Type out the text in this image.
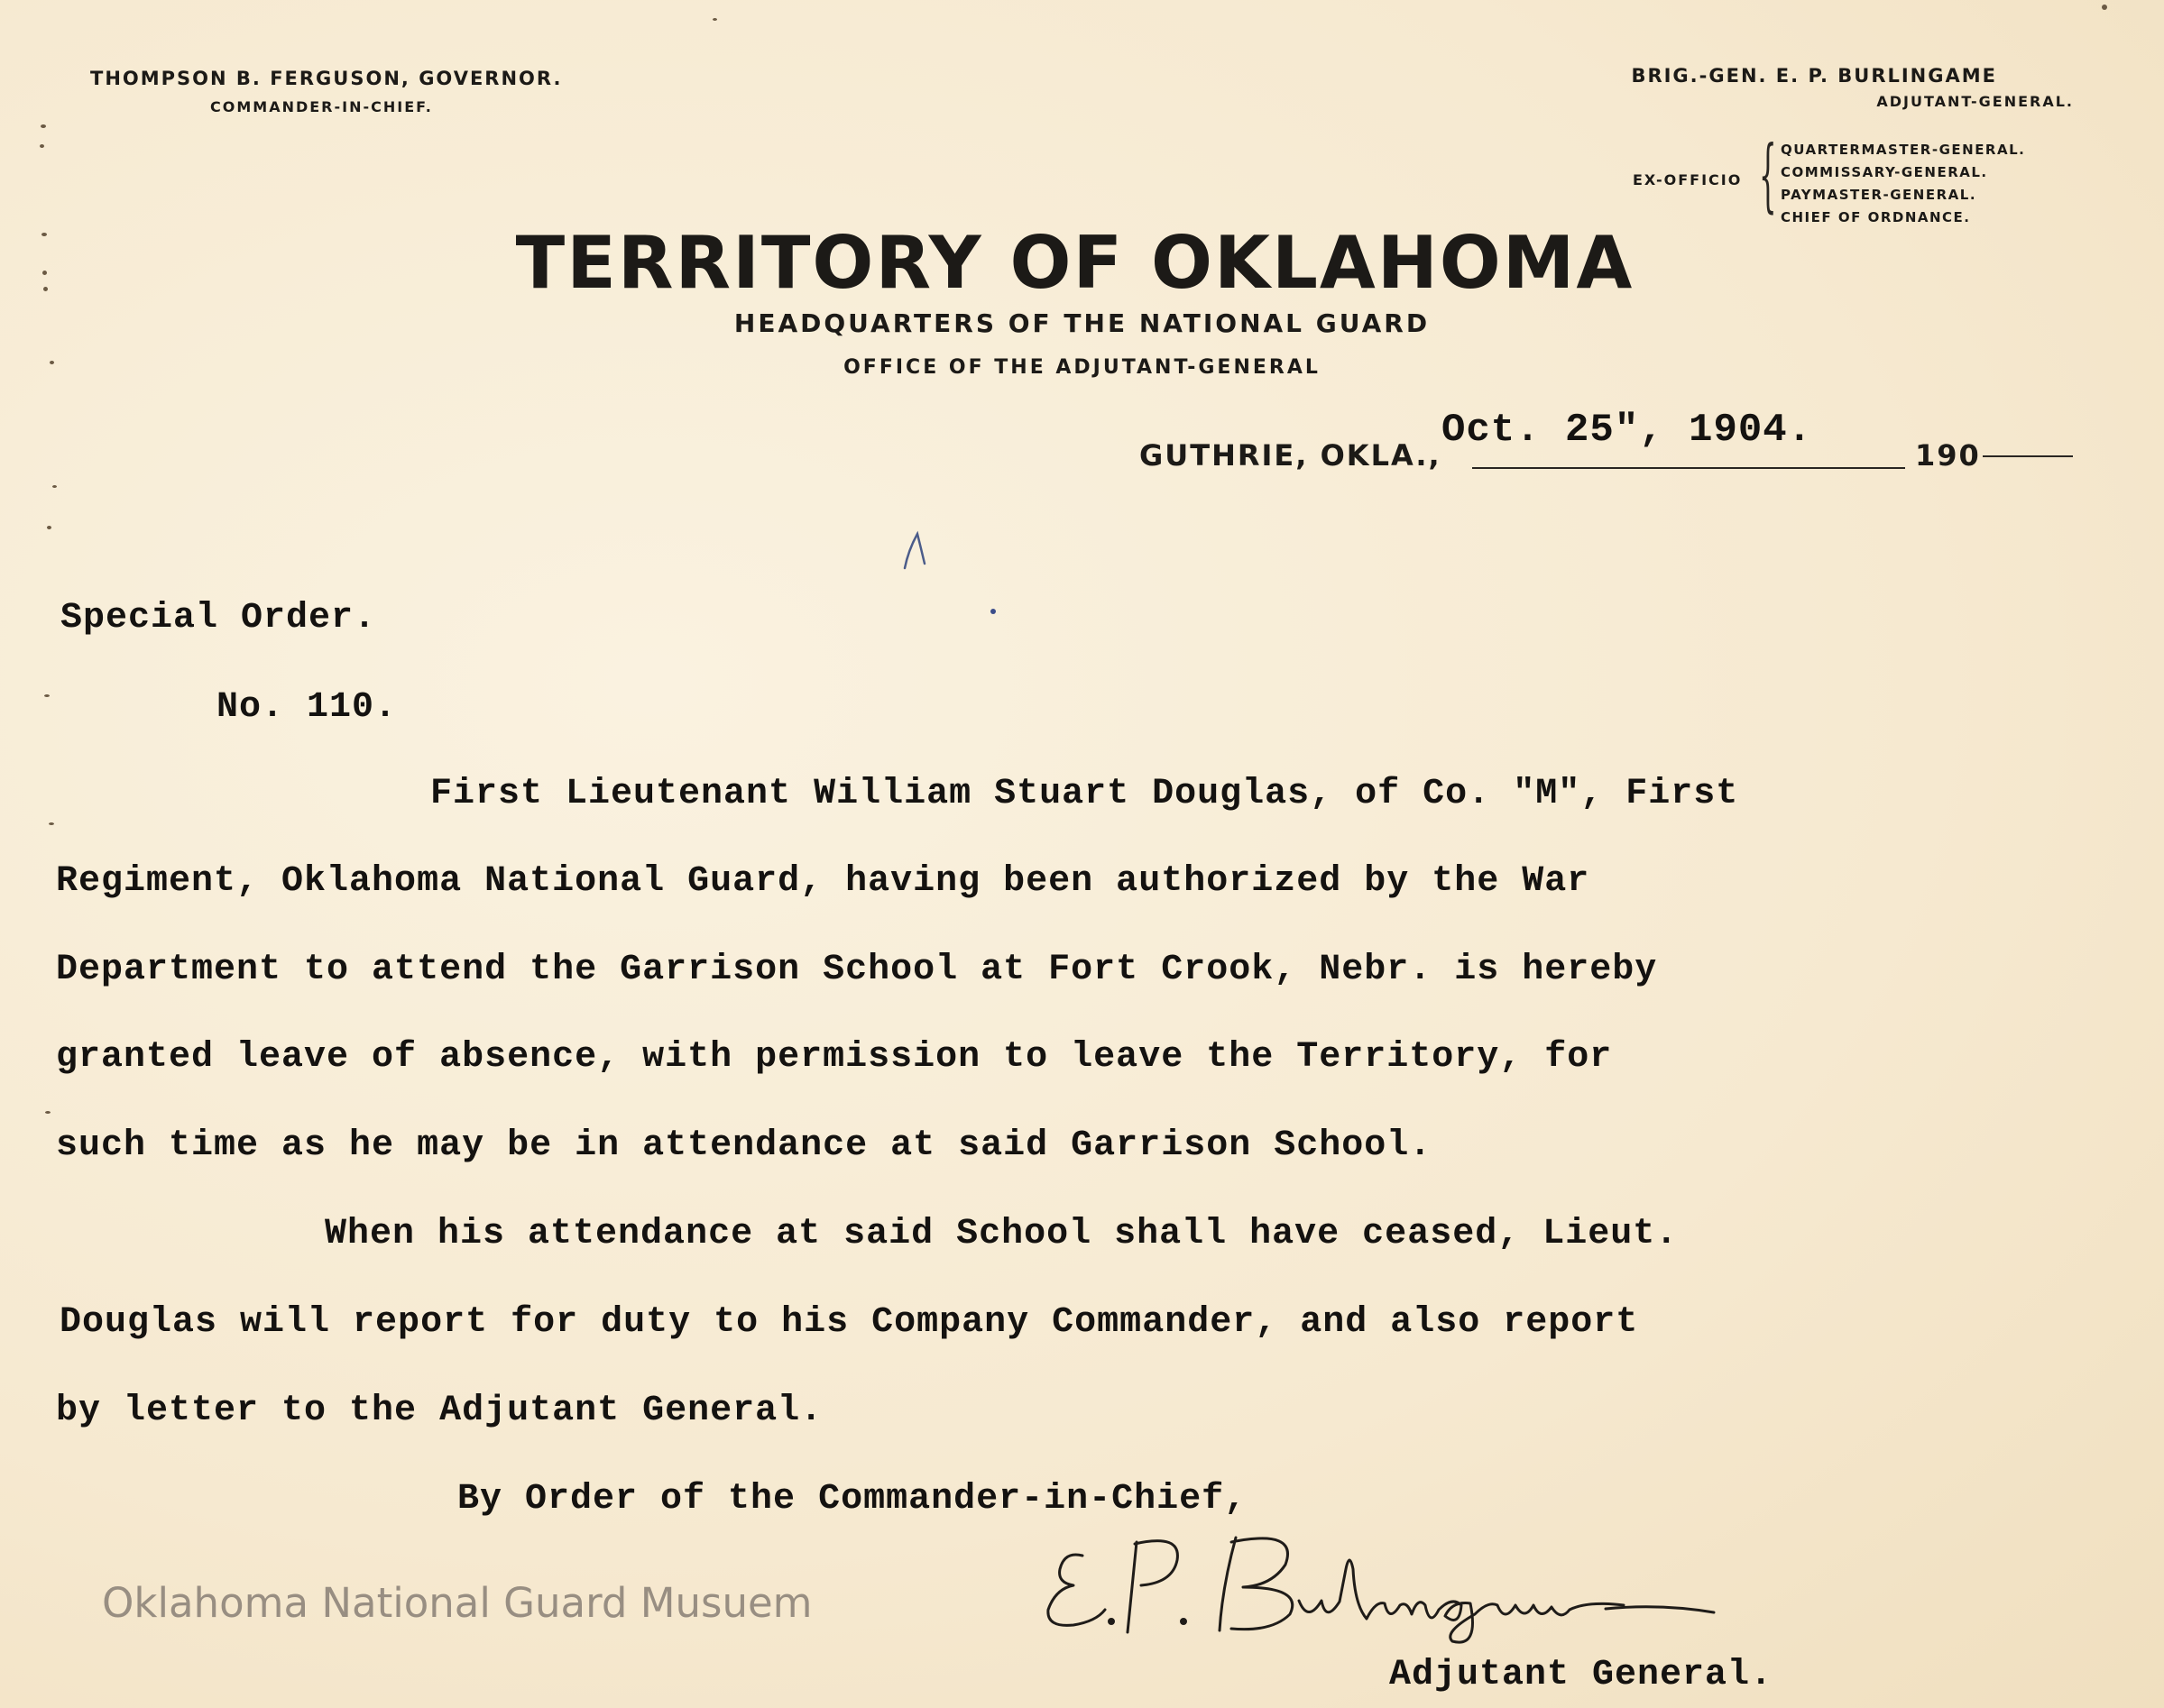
THOMPSON B. FERGUSON, GOVERNOR.
COMMANDER-IN-CHIEF.
BRIG.-GEN. E. P. BURLINGAME
ADJUTANT-GENERAL.
EX-OFFICIO { QUARTERMASTER-GENERAL.
COMMISSARY-GENERAL.
PAYMASTER-GENERAL.
CHIEF OF ORDNANCE.
TERRITORY OF OKLAHOMA
HEADQUARTERS OF THE NATIONAL GUARD
OFFICE OF THE ADJUTANT-GENERAL
GUTHRIE, OKLA.,
Oct. 25", 1904.
190
Special Order.
No. 110.
First Lieutenant William Stuart Douglas, of Co. "M", First
Regiment, Oklahoma National Guard, having been authorized by the War
Department to attend the Garrison School at Fort Crook, Nebr. is hereby
granted leave of absence, with permission to leave the Territory, for
such time as he may be in attendance at said Garrison School.
When his attendance at said School shall have ceased, Lieut.
Douglas will report for duty to his Company Commander, and also report
by letter to the Adjutant General.
By Order of the Commander-in-Chief,
Adjutant General.
Oklahoma National Guard Musuem
